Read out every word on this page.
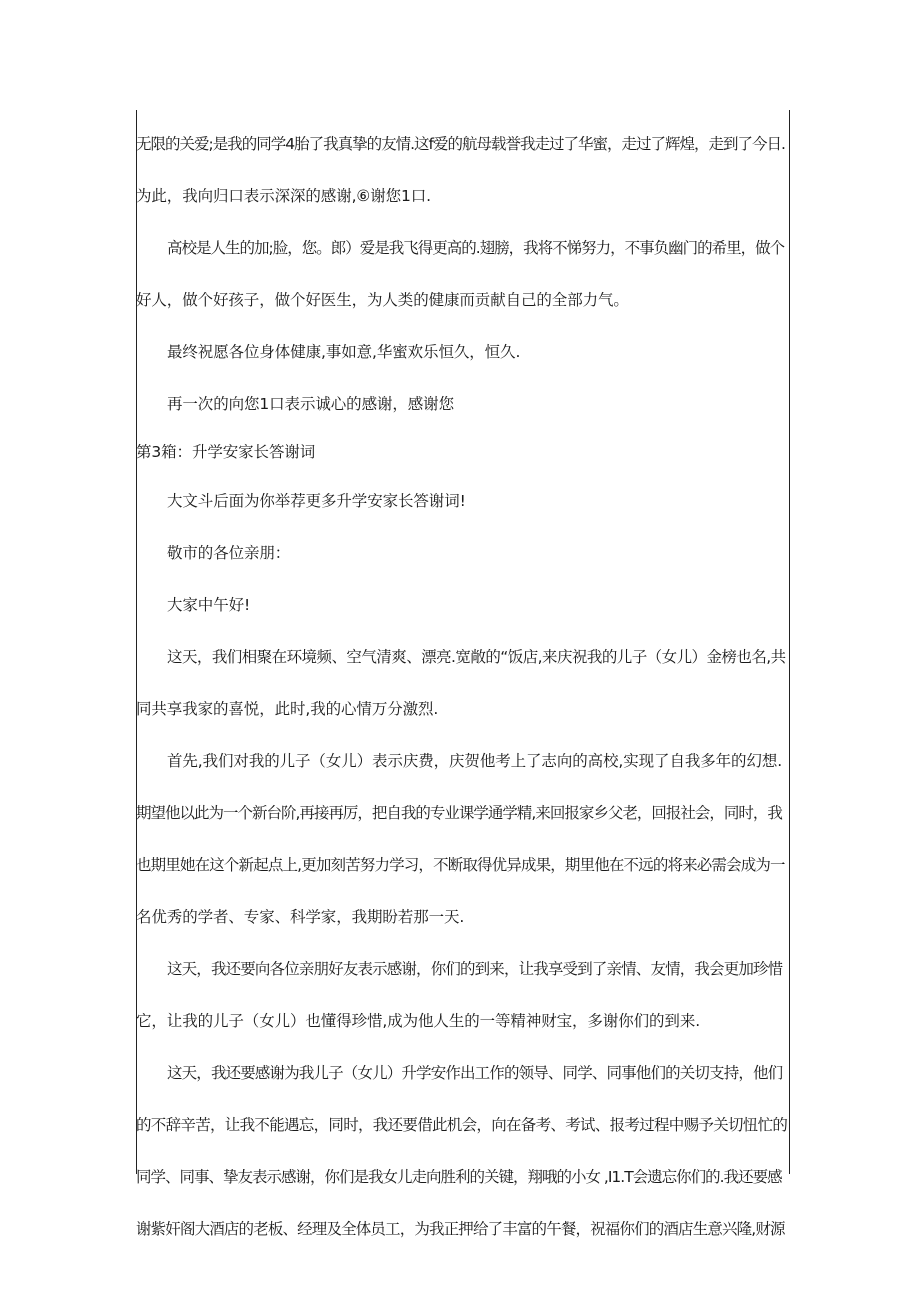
无限的关爱;是我的同学4胎了我真挚的友情.这f爱的航母载誉我走过了华蜜，走过了辉煌，走到了今日.
为此，我向归口表示深深的感谢,⑥谢您1口.
高校是人生的加;脸，您。郎）爱是我飞得更高的.翅膀，我将不悌努力，不事负幽门的希里，做个
好人，做个好孩子，做个好医生，为人类的健康而贡献自己的全部力气。
最终祝愿各位身体健康,事如意,华蜜欢乐恒久，恒久.
再一次的向您1口表示诚心的感谢，感谢您
第3箱：升学安家长答谢词
大文斗后面为你举荐更多升学安家长答谢词!
敬市的各位亲朋：
大家中午好!
这天，我们相聚在环境频、空气清爽、漂亮.宽敞的“饭店,来庆祝我的儿子（女儿）金榜也名,共
同共享我家的喜悦，此时,我的心情万分激烈.
首先,我们对我的儿子（女儿）表示庆费，庆贺他考上了志向的高校,实现了自我多年的幻想.
期望他以此为一个新台阶,再接再厉，把自我的专业课学通学精,来回报家乡父老，回报社会，同时，我
也期里她在这个新起点上,更加刻苦努力学习，不断取得优异成果，期里他在不远的将来必需会成为一
名优秀的学者、专家、科学家，我期盼若那一天.
这天，我还要向各位亲朋好友表示感谢，你们的到来，让我享受到了亲情、友情，我会更加珍惜
它，让我的儿子（女儿）也懂得珍惜,成为他人生的一等精神财宝，多谢你们的到来.
这天，我还要感谢为我儿子（女儿）升学安作出工作的领导、同学、同事他们的关切支持，他们
的不辞辛苦，让我不能遇忘，同时，我还要借此机会，向在备考、考试、报考过程中赐予关切忸忙的
同学、同事、挚友表示感谢，你们是我女儿走向胜利的关键，翔哦的小女 ,I1.T会遗忘你们的.我还要感
谢紫奸阁大酒店的老板、经理及全体员工，为我正押给了丰富的午餐，祝福你们的酒店生意兴隆,财源
